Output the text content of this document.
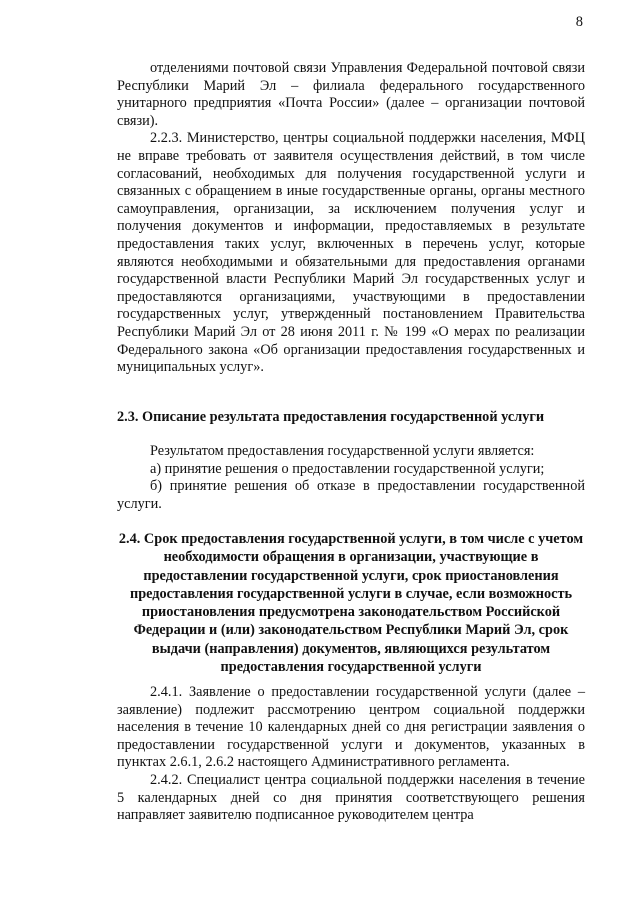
8

отделениями почтовой связи Управления Федеральной почтовой связи Республики Марий Эл – филиала федерального государственного унитарного предприятия «Почта России» (далее – организации почтовой связи).

2.2.3. Министерство, центры социальной поддержки населения, МФЦ не вправе требовать от заявителя осуществления действий, в том числе согласований, необходимых для получения государственной услуги и связанных с обращением в иные государственные органы, органы местного самоуправления, организации, за исключением получения услуг и получения документов и информации, предоставляемых в результате предоставления таких услуг, включенных в перечень услуг, которые являются необходимыми и обязательными для предоставления органами государственной власти Республики Марий Эл государственных услуг и предоставляются организациями, участвующими в предоставлении государственных услуг, утвержденный постановлением Правительства Республики Марий Эл от 28 июня 2011 г. № 199 «О мерах по реализации Федерального закона «Об организации предоставления государственных и муниципальных услуг».

2.3. Описание результата предоставления государственной услуги

Результатом предоставления государственной услуги является:

а) принятие решения о предоставлении государственной услуги;

б) принятие решения об отказе в предоставлении государственной услуги.

2.4. Срок предоставления государственной услуги, в том числе с учетом необходимости обращения в организации, участвующие в предоставлении государственной услуги, срок приостановления предоставления государственной услуги в случае, если возможность приостановления предусмотрена законодательством Российской Федерации и (или) законодательством Республики Марий Эл, срок выдачи (направления) документов, являющихся результатом предоставления государственной услуги

2.4.1. Заявление о предоставлении государственной услуги (далее – заявление) подлежит рассмотрению центром социальной поддержки населения в течение 10 календарных дней со дня регистрации заявления о предоставлении государственной услуги и документов, указанных в пунктах 2.6.1, 2.6.2 настоящего Административного регламента.

2.4.2. Специалист центра социальной поддержки населения в течение 5 календарных дней со дня принятия соответствующего решения направляет заявителю подписанное руководителем центра
